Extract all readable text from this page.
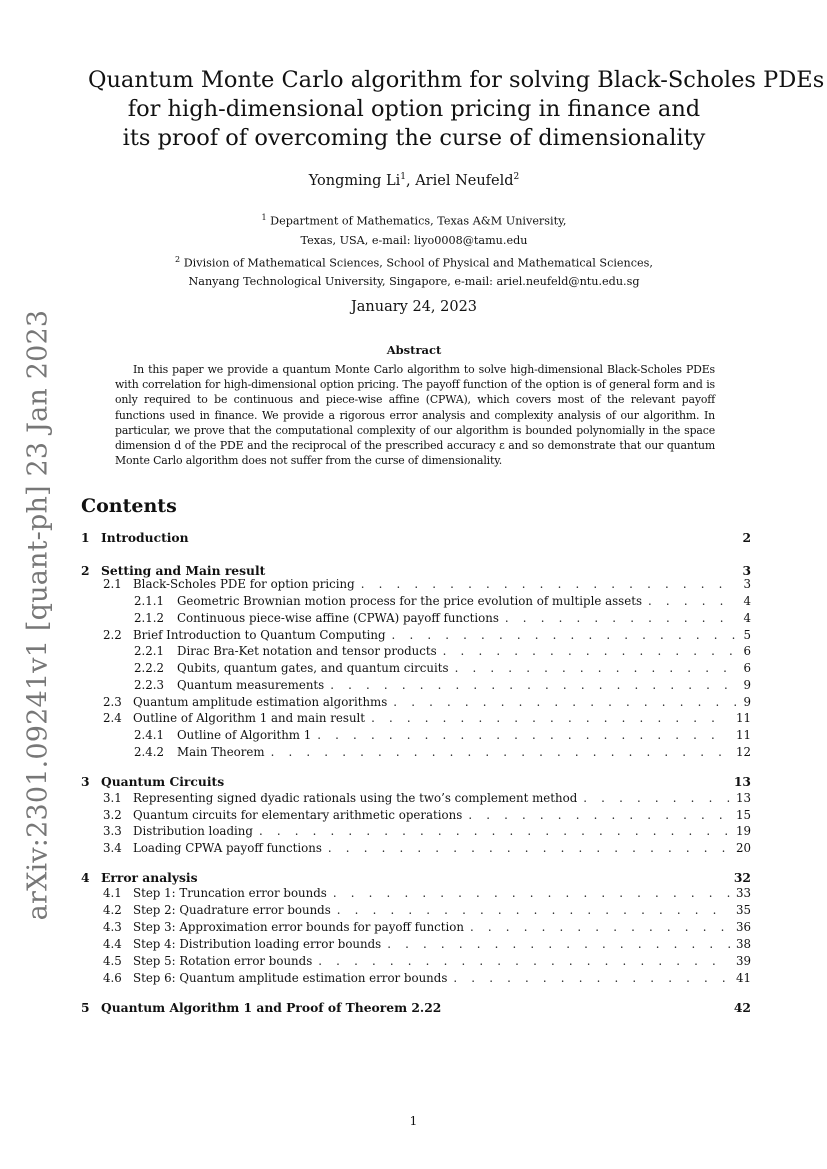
arXiv:2301.09241v1 [quant-ph] 23 Jan 2023
Quantum Monte Carlo algorithm for solving Black-Scholes PDEs
for high-dimensional option pricing in finance and
its proof of overcoming the curse of dimensionality
Yongming Li$^1$, Ariel Neufeld$^2$
$^1$ Department of Mathematics, Texas A&M University,
Texas, USA, e-mail: liyo0008@tamu.edu
$^2$ Division of Mathematical Sciences, School of Physical and Mathematical Sciences,
Nanyang Technological University, Singapore, e-mail: ariel.neufeld@ntu.edu.sg
January 24, 2023
Abstract
In this paper we provide a quantum Monte Carlo algorithm to solve high-dimensional Black-Scholes PDEs with correlation for high-dimensional option pricing. The payoff function of the option is of general form and is only required to be continuous and piece-wise affine (CPWA), which covers most of the relevant payoff functions used in finance. We provide a rigorous error analysis and complexity analysis of our algorithm. In particular, we prove that the computational complexity of our algorithm is bounded polynomially in the space dimension d of the PDE and the reciprocal of the prescribed accuracy ε and so demonstrate that our quantum Monte Carlo algorithm does not suffer from the curse of dimensionality.
Contents
1 Introduction	2
2 Setting and Main result	3
2.1 Black-Scholes PDE for option pricing . . .	3
2.1.1	Geometric Brownian motion process for the price evolution of multiple assets . . .	4
2.1.2	Continuous piece-wise affine (CPWA) payoff functions . . .	4
2.2 Brief Introduction to Quantum Computing . . .	5
2.2.1	Dirac Bra-Ket notation and tensor products . . .	6
2.2.2	Qubits, quantum gates, and quantum circuits . . .	6
2.2.3	Quantum measurements . . .	9
2.3 Quantum amplitude estimation algorithms . . .	9
2.4 Outline of Algorithm 1 and main result . . .	11
2.4.1	Outline of Algorithm 1 . . .	11
2.4.2	Main Theorem . . .	12
3 Quantum Circuits	13
3.1 Representing signed dyadic rationals using the two’s complement method . . .	13
3.2 Quantum circuits for elementary arithmetic operations . . .	15
3.3 Distribution loading . . .	19
3.4 Loading CPWA payoff functions . . .	20
4 Error analysis	32
4.1 Step 1: Truncation error bounds . . .	33
4.2 Step 2: Quadrature error bounds . . .	35
4.3 Step 3: Approximation error bounds for payoff function . . .	36
4.4 Step 4: Distribution loading error bounds . . .	38
4.5 Step 5: Rotation error bounds . . .	39
4.6 Step 6: Quantum amplitude estimation error bounds . . .	41
5 Quantum Algorithm 1 and Proof of Theorem 2.22	42
1
